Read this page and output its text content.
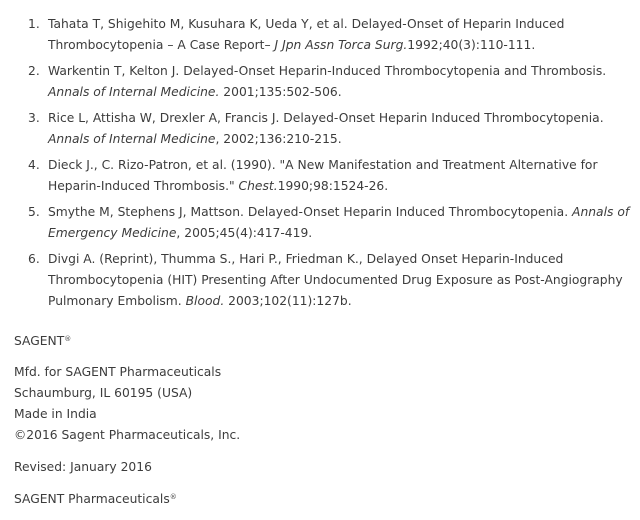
1. Tahata T, Shigehito M, Kusuhara K, Ueda Y, et al. Delayed-Onset of Heparin Induced Thrombocytopenia – A Case Report– J Jpn Assn Torca Surg.1992;40(3):110-111.
2. Warkentin T, Kelton J. Delayed-Onset Heparin-Induced Thrombocytopenia and Thrombosis. Annals of Internal Medicine. 2001;135:502-506.
3. Rice L, Attisha W, Drexler A, Francis J. Delayed-Onset Heparin Induced Thrombocytopenia. Annals of Internal Medicine, 2002;136:210-215.
4. Dieck J., C. Rizo-Patron, et al. (1990). "A New Manifestation and Treatment Alternative for Heparin-Induced Thrombosis." Chest.1990;98:1524-26.
5. Smythe M, Stephens J, Mattson. Delayed-Onset Heparin Induced Thrombocytopenia. Annals of Emergency Medicine, 2005;45(4):417-419.
6. Divgi A. (Reprint), Thumma S., Hari P., Friedman K., Delayed Onset Heparin-Induced Thrombocytopenia (HIT) Presenting After Undocumented Drug Exposure as Post-Angiography Pulmonary Embolism. Blood. 2003;102(11):127b.

SAGENT®

Mfd. for SAGENT Pharmaceuticals

Schaumburg, IL 60195 (USA)

Made in India

©2016 Sagent Pharmaceuticals, Inc.

Revised: January 2016

SAGENT Pharmaceuticals®
